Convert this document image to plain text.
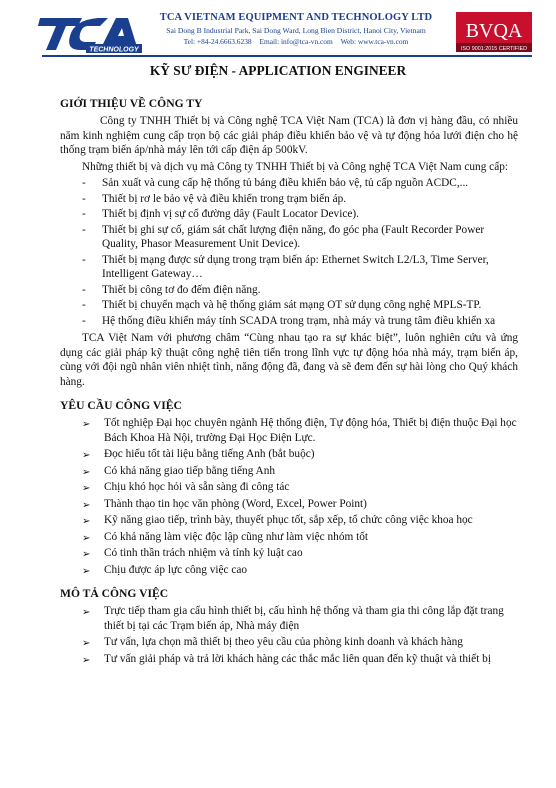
TECHNOLOGY
TCA VIETNAM EQUIPMENT AND TECHNOLOGY LTD
Sai Dong B Industrial Park, Sai Dong Ward, Long Bien District, Hanoi City, Vietnam
Tel: +84-24.6663.6238 Email: info@tca-vn.com Web: www.tca-vn.com	BVQA
ISO 9001:2015 CERTIFIED
KỸ SƯ ĐIỆN - APPLICATION ENGINEER
GIỚI THIỆU VỀ CÔNG TY

Công ty TNHH Thiết bị và Công nghệ TCA Việt Nam (TCA) là đơn vị hàng đầu, có nhiều năm kinh nghiệm cung cấp trọn bộ các giải pháp điều khiển bảo vệ và tự động hóa lưới điện cho hệ thống trạm biến áp/nhà máy lên tới cấp điện áp 500kV.

Những thiết bị và dịch vụ mà Công ty TNHH Thiết bị và Công nghệ TCA Việt Nam cung cấp:

- Sản xuất và cung cấp hệ thống tủ bảng điều khiển bảo vệ, tủ cấp nguồn ACDC,...
- Thiết bị rơ le bảo vệ và điều khiển trong trạm biến áp.
- Thiết bị định vị sự cố đường dây (Fault Locator Device).
- Thiết bị ghi sự cố, giám sát chất lượng điện năng, đo góc pha (Fault Recorder Power Quality, Phasor Measurement Unit Device).
- Thiết bị mạng được sử dụng trong trạm biến áp: Ethernet Switch L2/L3, Time Server, Intelligent Gateway…
- Thiết bị công tơ đo đếm điện năng.
- Thiết bị chuyển mạch và hệ thống giám sát mạng OT sử dụng công nghệ MPLS-TP.
- Hệ thống điều khiển máy tính SCADA trong trạm, nhà máy và trung tâm điều khiển xa

TCA Việt Nam với phương châm “Cùng nhau tạo ra sự khác biệt”, luôn nghiên cứu và ứng dụng các giải pháp kỹ thuật công nghệ tiên tiến trong lĩnh vực tự động hóa nhà máy, trạm biến áp, cùng với đội ngũ nhân viên nhiệt tình, năng động đã, đang và sẽ đem đến sự hài lòng cho Quý khách hàng.

YÊU CẦU CÔNG VIỆC
➢ Tốt nghiệp Đại học chuyên ngành Hệ thống điện, Tự động hóa, Thiết bị điện thuộc Đại học Bách Khoa Hà Nội, trường Đại Học Điện Lực.
➢ Đọc hiểu tốt tài liệu bằng tiếng Anh (bắt buộc)
➢ Có khả năng giao tiếp bằng tiếng Anh
➢ Chịu khó học hỏi và sẵn sàng đi công tác
➢ Thành thạo tin học văn phòng (Word, Excel, Power Point)
➢ Kỹ năng giao tiếp, trình bày, thuyết phục tốt, sắp xếp, tổ chức công việc khoa học
➢ Có khả năng làm việc độc lập cũng như làm việc nhóm tốt
➢ Có tinh thần trách nhiệm và tính kỷ luật cao
➢ Chịu được áp lực công việc cao
MÔ TẢ CÔNG VIỆC
➢ Trực tiếp tham gia cấu hình thiết bị, cấu hình hệ thống và tham gia thi công lắp đặt trang thiết bị tại các Trạm biến áp, Nhà máy điện
➢ Tư vấn, lựa chọn mã thiết bị theo yêu cầu của phòng kinh doanh và khách hàng
➢ Tư vấn giải pháp và trả lời khách hàng các thắc mắc liên quan đến kỹ thuật và thiết bị
